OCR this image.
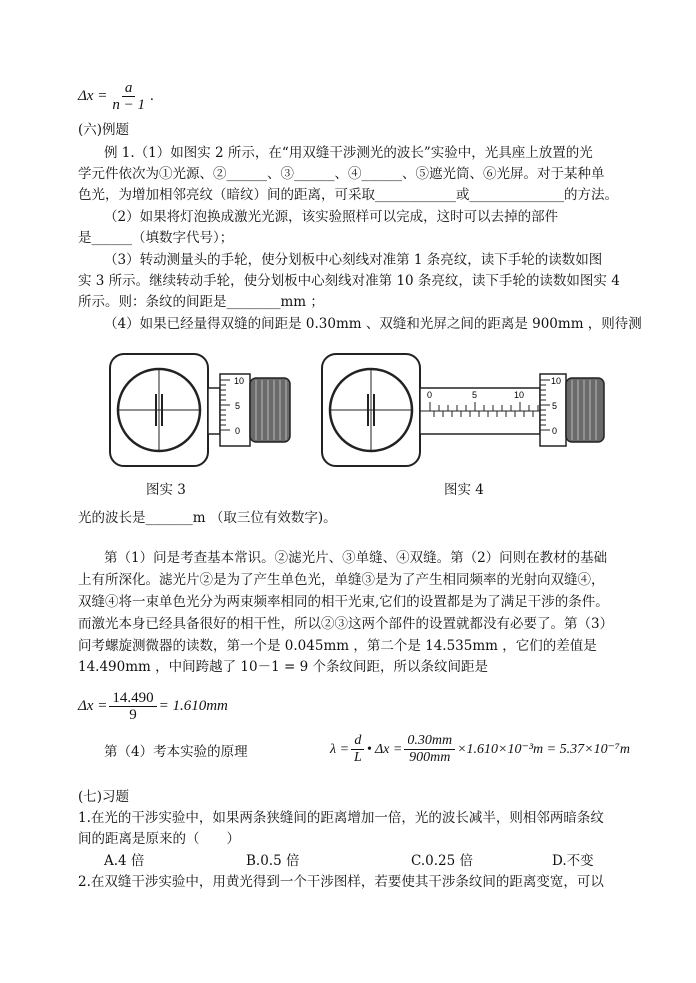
$\Delta x = \frac{a}{n - 1}$ .
(六)例题
例 1.（1）如图实 2 所示，在“用双缝干涉测光的波长”实验中，光具座上放置的光
学元件依次为①光源、②______、③______、④______、⑤遮光筒、⑥光屏。对于某种单
色光，为增加相邻亮纹（暗纹）间的距离，可采取____________或______________的方法。
（2）如果将灯泡换成激光光源，该实验照样可以完成，这时可以去掉的部件
是______（填数字代号）；
（3）转动测量头的手轮，使分划板中心刻线对准第 1 条亮纹，读下手轮的读数如图
实 3 所示。继续转动手轮，使分划板中心刻线对准第 10 条亮纹，读下手轮的读数如图实 4
所示。则：条纹的间距是________mm ；
（4）如果已经量得双缝的间距是 0.30mm 、双缝和光屏之间的距离是 900mm ，则待测
10
5
0
0	5	10
10
5
0
图实 3	图实 4
光的波长是_______m （取三位有效数字)。
第（1）问是考查基本常识。②滤光片、③单缝、④双缝。第（2）问则在教材的基础
上有所深化。滤光片②是为了产生单色光，单缝③是为了产生相同频率的光射向双缝④，
双缝④将一束单色光分为两束频率相同的相干光束,它们的设置都是为了满足干涉的条件。
而激光本身已经具备很好的相干性，所以②③这两个部件的设置就都没有必要了。第（3）
问考螺旋测微器的读数，第一个是 0.045mm ，第二个是 14.535mm ，它们的差值是
14.490mm ，中间跨越了 10－1 = 9 个条纹间距，所以条纹间距是
$\Delta x = \frac{14.490}{9} = 1.610mm$
第（4）考本实验的原理	$\lambda = \frac{d}{L}$ • $\Delta x = \frac{0.30mm}{900mm} \times 1.610\times 10^{-3}m = 5.37\times 10^{-7}m$
(七)习题
1.在光的干涉实验中，如果两条狭缝间的距离增加一倍，光的波长减半，则相邻两暗条纹
间的距离是原来的（　　）
A.4 倍	B.0.5 倍	C.0.25 倍	D.不变
2.在双缝干涉实验中，用黄光得到一个干涉图样，若要使其干涉条纹间的距离变宽，可以
